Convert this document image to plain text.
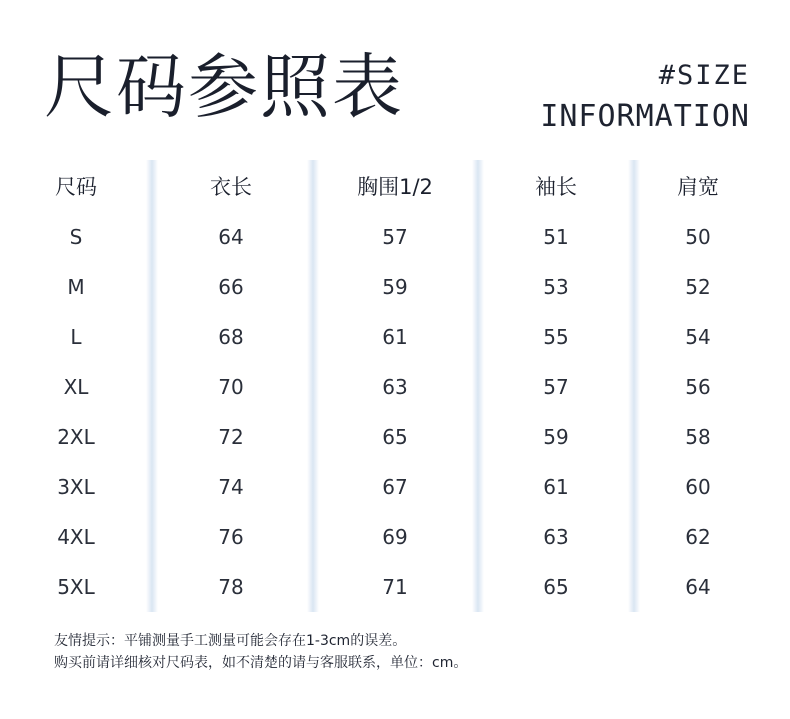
尺码参照表	#SIZE
INFORMATION
尺码	衣长	胸围1/2	袖长	肩宽
S	64	57	51	50
M	66	59	53	52
L	68	61	55	54
XL	70	63	57	56
2XL	72	65	59	58
3XL	74	67	61	60
4XL	76	69	63	62
5XL	78	71	65	64
友情提示：平铺测量手工测量可能会存在1-3cm的误差。
购买前请详细核对尺码表，如不清楚的请与客服联系，单位：cm。
